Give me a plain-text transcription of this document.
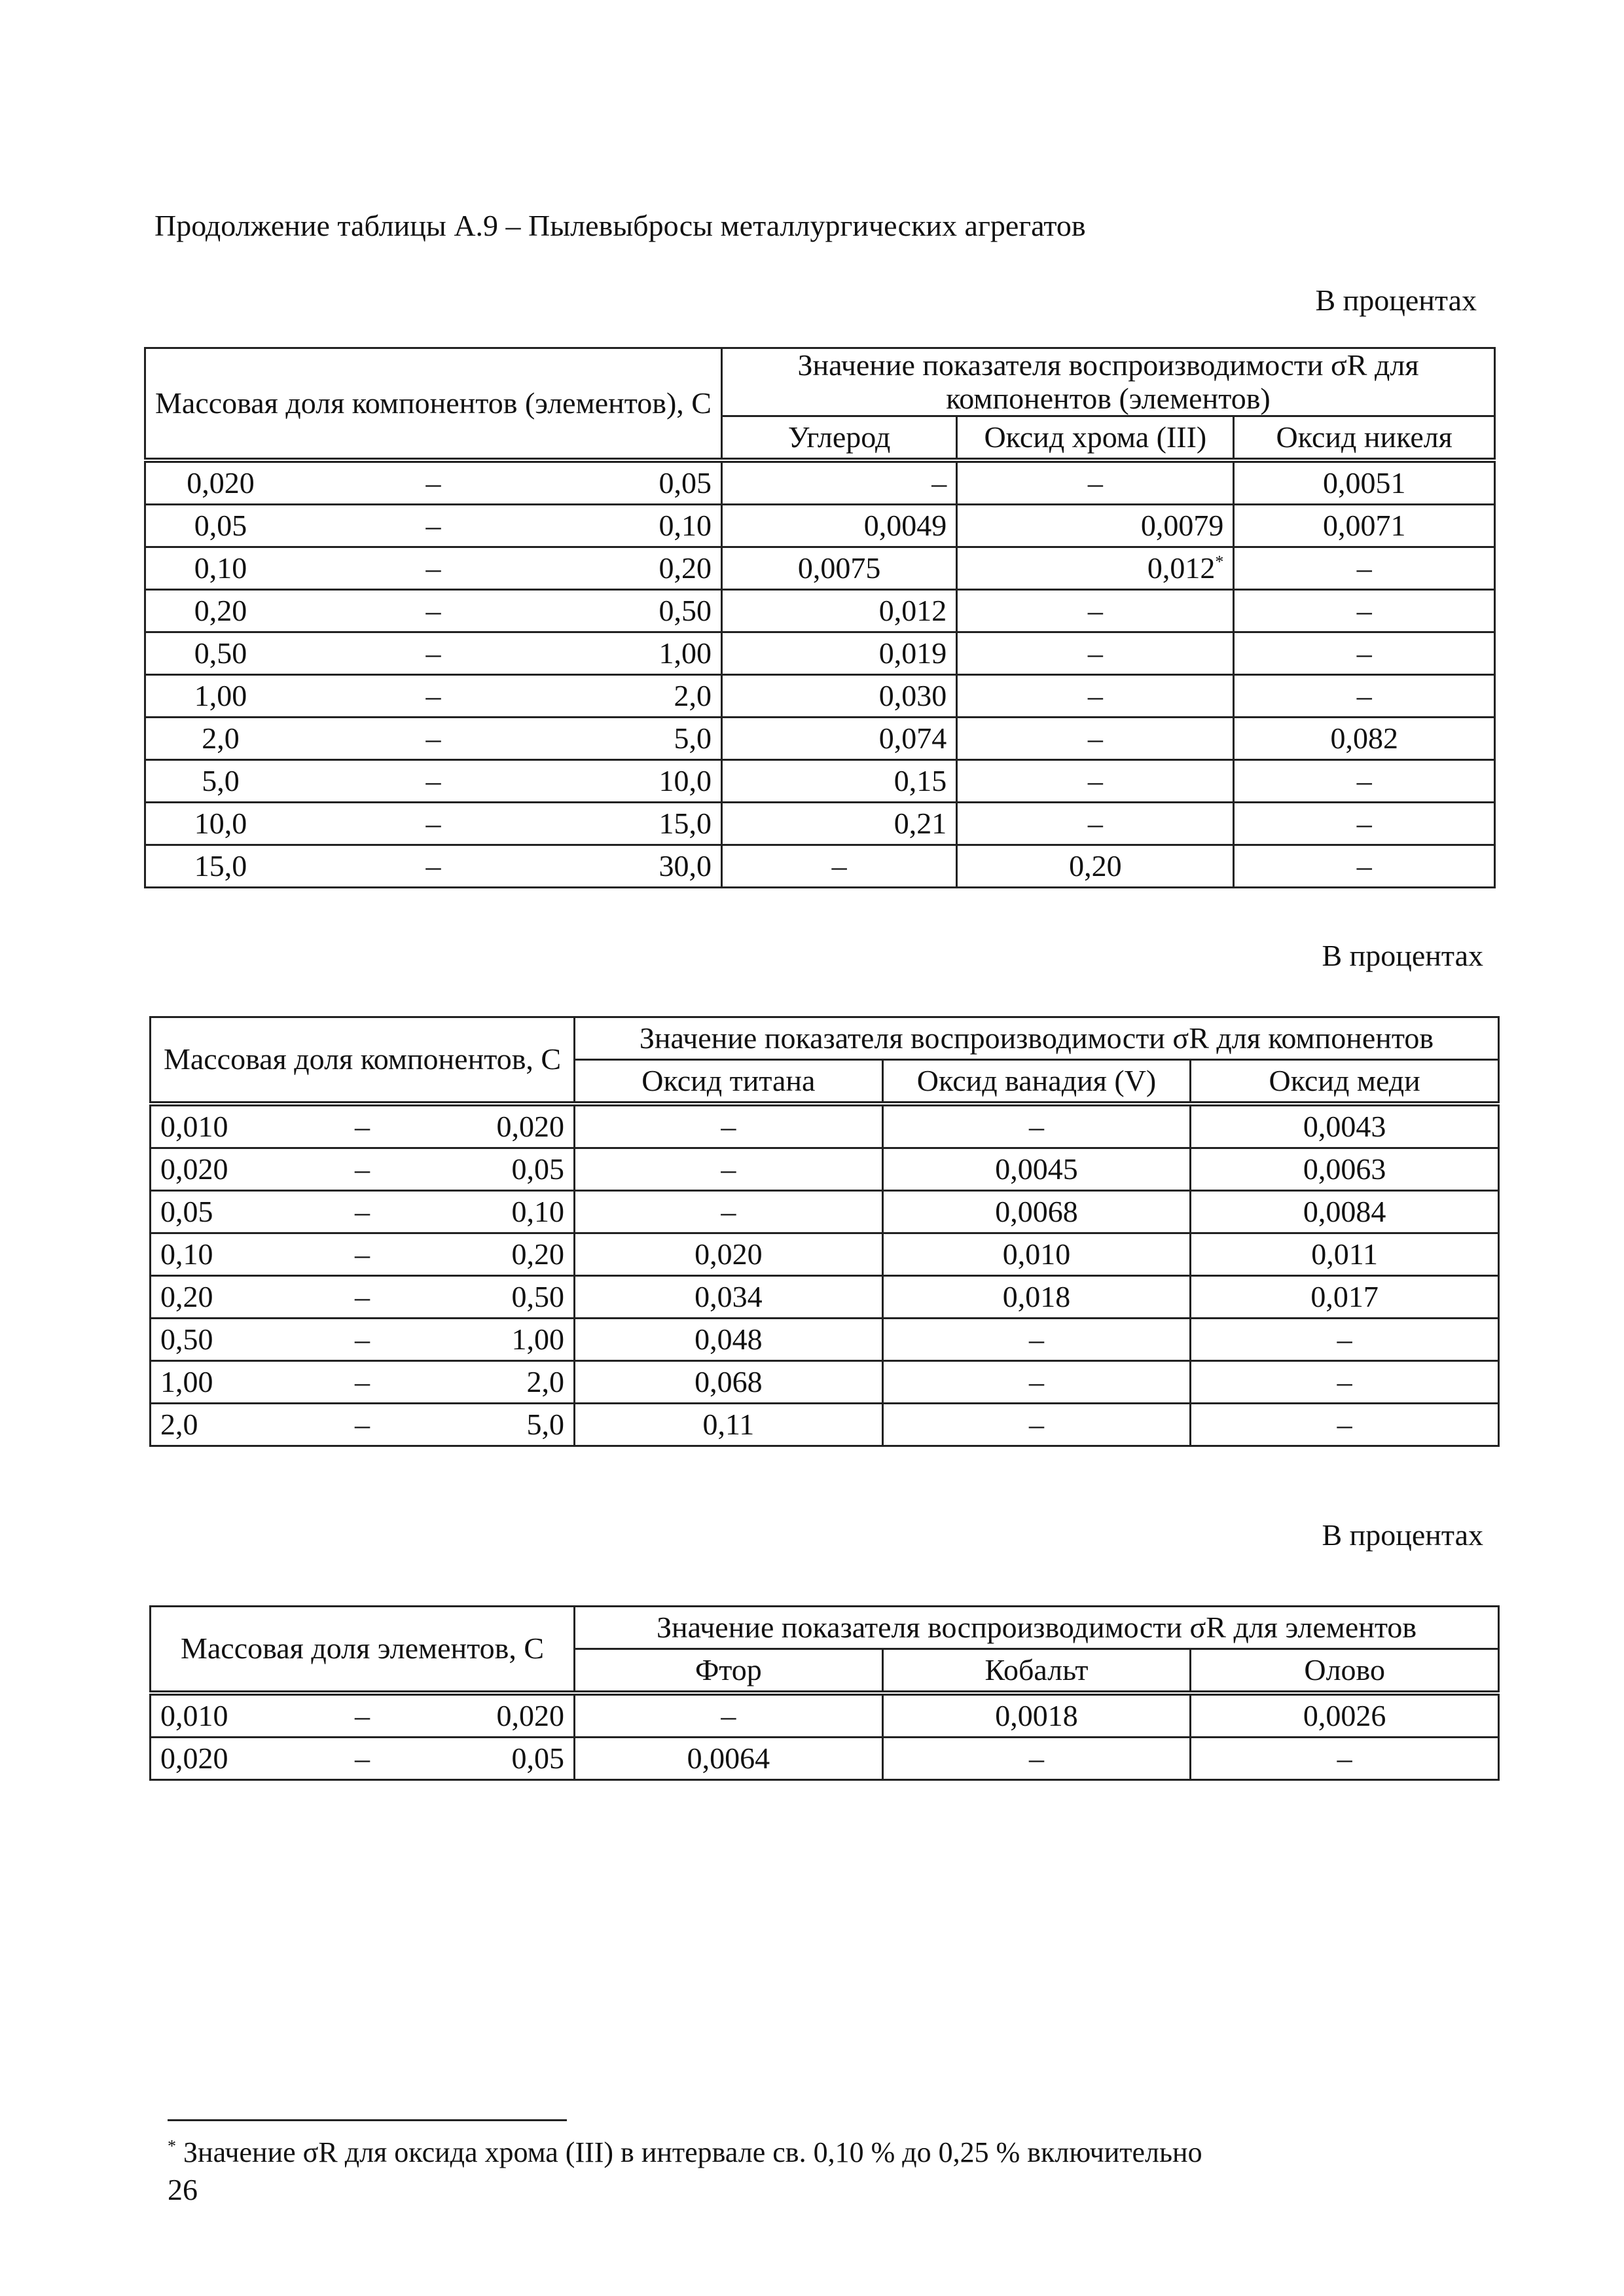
Продолжение таблицы А.9 – Пылевыбросы металлургических агрегатов
В процентах
Массовая доля компонентов (элементов), C	Значение показателя воспроизводимости σR для компонентов (элементов)		
	Углерод	Оксид хрома (III)	Оксид никеля

0,020 – 0,05	–	–	0,0051

0,05 – 0,10	0,0049	0,0079	0,0071

0,10 – 0,20	0,0075	0,012*	–

0,20 – 0,50	0,012	–	–

0,50 – 1,00	0,019	–	–

1,00 – 2,0	0,030	–	–

2,0 – 5,0	0,074	–	0,082

5,0 – 10,0	0,15	–	–

10,0 – 15,0	0,21	–	–

15,0 – 30,0	–	0,20	–
В процентах
Массовая доля компонентов, C	Значение показателя воспроизводимости σR для компонентов		
	Оксид титана	Оксид ванадия (V)	Оксид меди

0,010 – 0,020	–	–	0,0043

0,020 – 0,05	–	0,0045	0,0063

0,05 – 0,10	–	0,0068	0,0084

0,10 – 0,20	0,020	0,010	0,011

0,20 – 0,50	0,034	0,018	0,017

0,50 – 1,00	0,048	–	–

1,00 – 2,0	0,068	–	–

2,0 – 5,0	0,11	–	–
В процентах
Массовая доля элементов, C	Значение показателя воспроизводимости σR для элементов		
	Фтор	Кобальт	Олово

0,010 – 0,020	–	0,0018	0,0026

0,020 – 0,05	0,0064	–	–
* Значение σR для оксида хрома (III) в интервале св. 0,10 % до 0,25 % включительно
26
